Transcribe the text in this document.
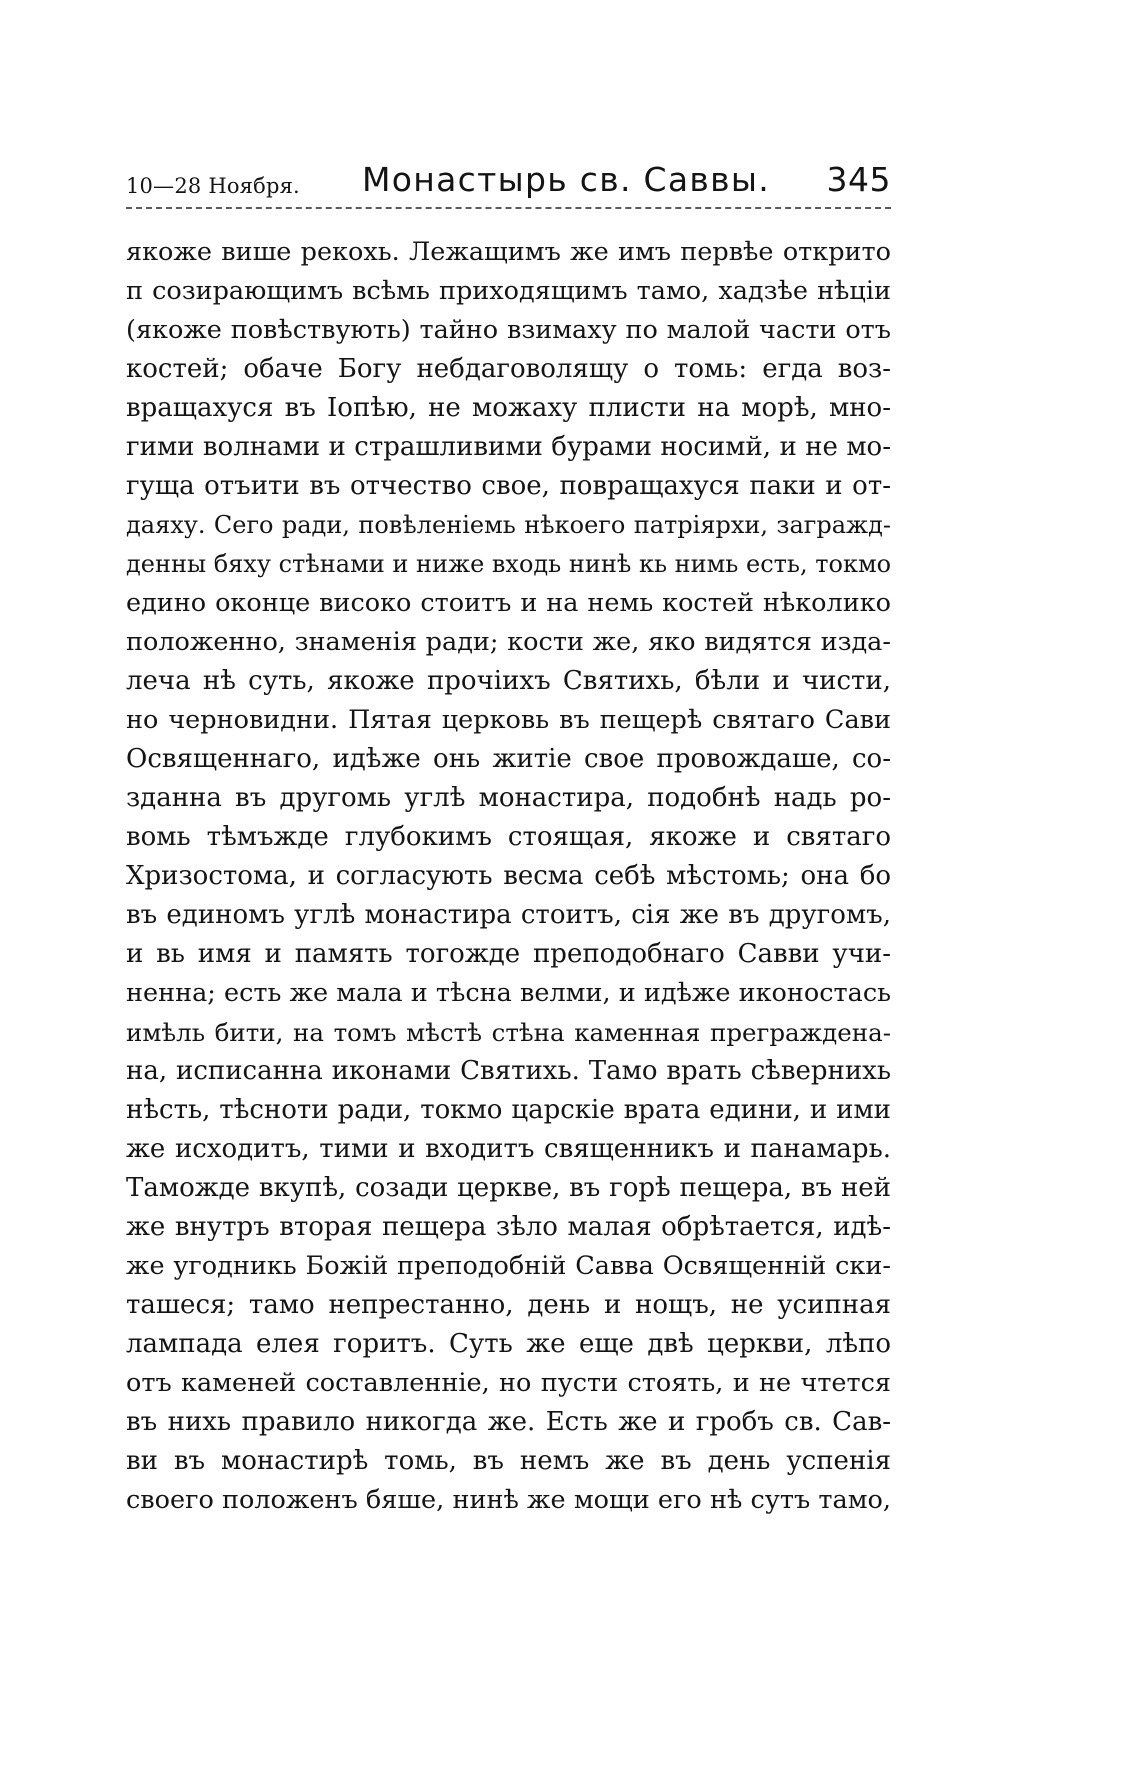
10—28 Ноября. Монастырь св. Саввы. 345
якоже више рекохь. Лежащимъ же имъ первѣе открито
п созирающимъ всѣмь приходящимъ тамо, хадзѣе нѣціи
(якоже повѣствують) тайно взимаху по малой части отъ
костей; обаче Богу небдаговолящу о томь: егда воз-
вращахуся въ Іопѣю, не можаху плисти на морѣ, мно-
гими волнами и страшливими бурами носимй, и не мо-
гуща отъити въ отчество свое, повращахуся паки и от-
даяху. Сего ради, повѣленіемь нѣкоего патріярхи, загражд-
денны бяху стѣнами и ниже входь нинѣ кь нимь есть, токмо
едино оконце високо стоитъ и на немь костей нѣколико
положенно, знаменія ради; кости же, яко видятся изда-
леча нѣ суть, якоже прочіихъ Святихь, бѣли и чисти,
но черновидни. Пятая церковь въ пещерѣ святаго Сави
Освященнаго, идѣже онь житіе свое провождаше, со-
зданна въ другомь углѣ монастира, подобнѣ надь ро-
вомь тѣмъжде глубокимъ стоящая, якоже и святаго
Хризостома, и согласують весма себѣ мѣстомь; она бо
въ единомъ углѣ монастира стоитъ, сія же въ другомъ,
и вь имя и память тогожде преподобнаго Савви учи-
ненна; есть же мала и тѣсна велми, и идѣже иконостась
имѣль бити, на томъ мѣстѣ стѣна каменная преграждена-
на, исписанна иконами Святихь. Тамо врать сѣверниxь
нѣсть, тѣсноти ради, токмо царскіе врата едини, и ими
же исходитъ, тими и входитъ священникъ и панамарь.
Таможде вкупѣ, созади церкве, въ горѣ пещера, въ ней
же внутръ вторая пещера зѣло малая обрѣтается, идѣ-
же угодникь Божій преподобній Савва Освященній ски-
ташеся; тамо непрестанно, день и нощъ, не усипная
лампада елея горитъ. Суть же еще двѣ церкви, лѣпо
отъ каменей составленніе, но пусти стоять, и не чтется
въ нихь правило никогда же. Есть же и гробъ св. Сав-
ви въ монастирѣ томь, въ немъ же въ день успенія
своего положенъ бяше, нинѣ же мощи его нѣ сутъ тамо,
